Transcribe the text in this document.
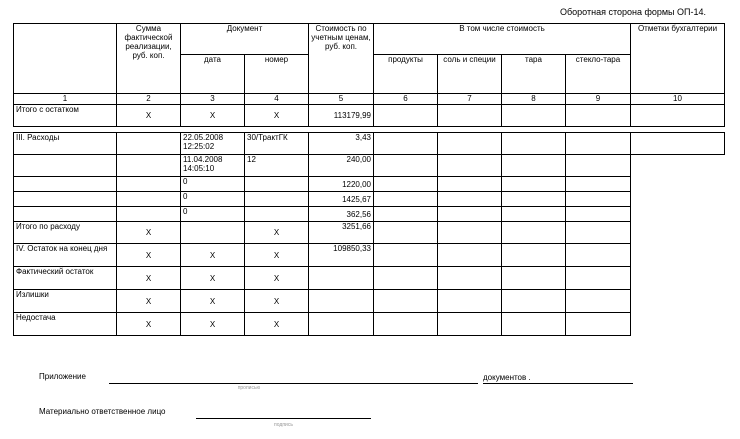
Оборотная сторона формы ОП-14.
	Сумма фактической реализации, руб. коп.	Документ		Стоимость по учетным ценам, руб. коп.	В том числе стоимость				Отметки бухгалтерии
		дата	номер		продукты	соль и специи	тара	стекло-тара	
1	2	3	4	5	6	7	8	9	10
Итого с остатком	X	X	X	113179,99					

III. Расходы		22.05.2008 12:25:02	30/ТрактГК	3,43					
		11.04.2008 14:05:10	12	240,00					
		0		1220,00					
		0		1425,67					
		0		362,56					
Итого по расходу	X		X	3251,66					
IV. Остаток на конец дня	X	X	X	109850,33					
Фактический остаток	X	X	X						
Излишки	X	X	X						
Недостача	X	X	X						
Приложение
прописью
документов .
Материально ответственное лицо
подпись
